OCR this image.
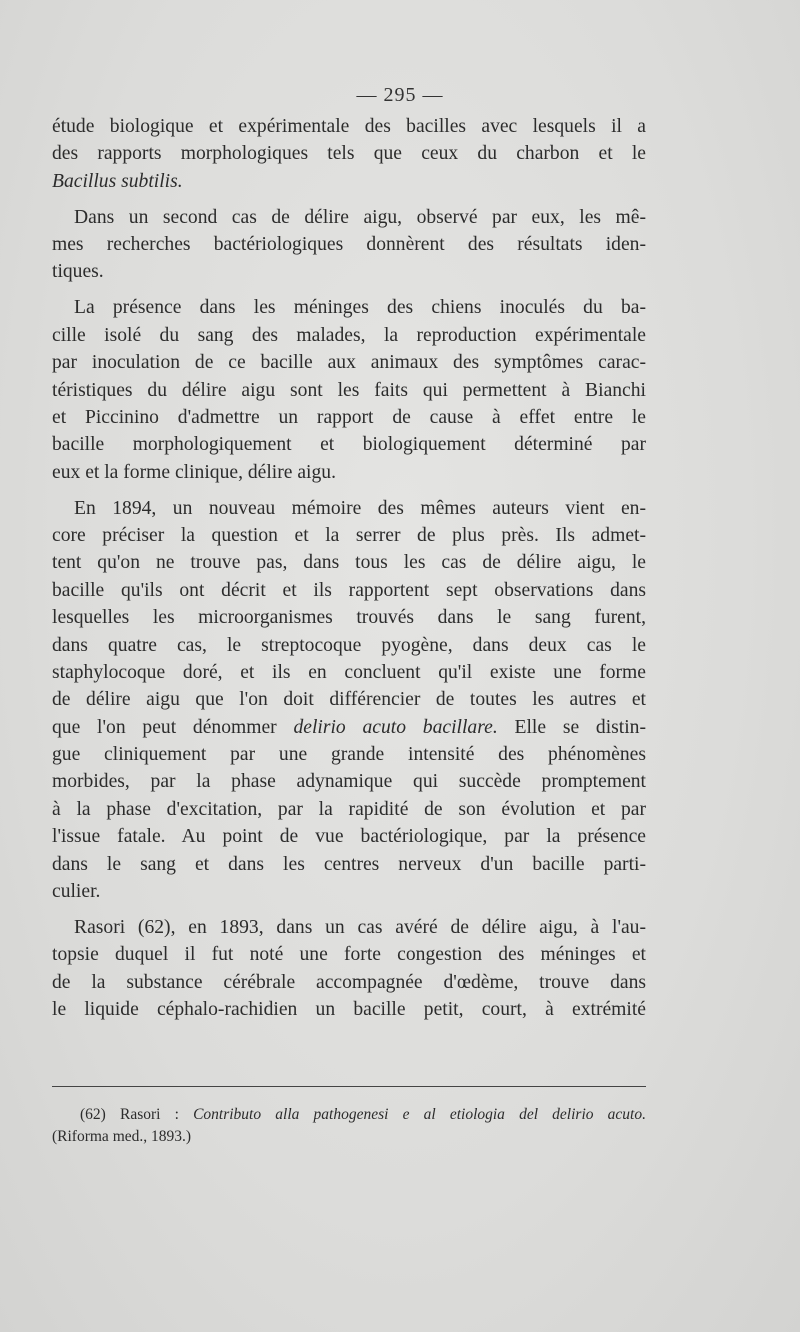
— 295 —

étude biologique et expérimentale des bacilles avec lesquels il a
des rapports morphologiques tels que ceux du charbon et le
Bacillus subtilis.

Dans un second cas de délire aigu, observé par eux, les mê-
mes recherches bactériologiques donnèrent des résultats iden-
tiques.

La présence dans les méninges des chiens inoculés du ba-
cille isolé du sang des malades, la reproduction expérimentale
par inoculation de ce bacille aux animaux des symptômes carac-
téristiques du délire aigu sont les faits qui permettent à Bianchi
et Piccinino d'admettre un rapport de cause à effet entre le
bacille morphologiquement et biologiquement déterminé par
eux et la forme clinique, délire aigu.

En 1894, un nouveau mémoire des mêmes auteurs vient en-
core préciser la question et la serrer de plus près. Ils admet-
tent qu'on ne trouve pas, dans tous les cas de délire aigu, le
bacille qu'ils ont décrit et ils rapportent sept observations dans
lesquelles les microorganismes trouvés dans le sang furent,
dans quatre cas, le streptocoque pyogène, dans deux cas le
staphylocoque doré, et ils en concluent qu'il existe une forme
de délire aigu que l'on doit différencier de toutes les autres et
que l'on peut dénommer delirio acuto bacillare. Elle se distin-
gue cliniquement par une grande intensité des phénomènes
morbides, par la phase adynamique qui succède promptement
à la phase d'excitation, par la rapidité de son évolution et par
l'issue fatale. Au point de vue bactériologique, par la présence
dans le sang et dans les centres nerveux d'un bacille parti-
culier.

Rasori (62), en 1893, dans un cas avéré de délire aigu, à l'au-
topsie duquel il fut noté une forte congestion des méninges et
de la substance cérébrale accompagnée d'œdème, trouve dans
le liquide céphalo-rachidien un bacille petit, court, à extrémité

(62) Rasori : Contributo alla pathogenesi e al etiologia del delirio acuto.
(Riforma med., 1893.)
